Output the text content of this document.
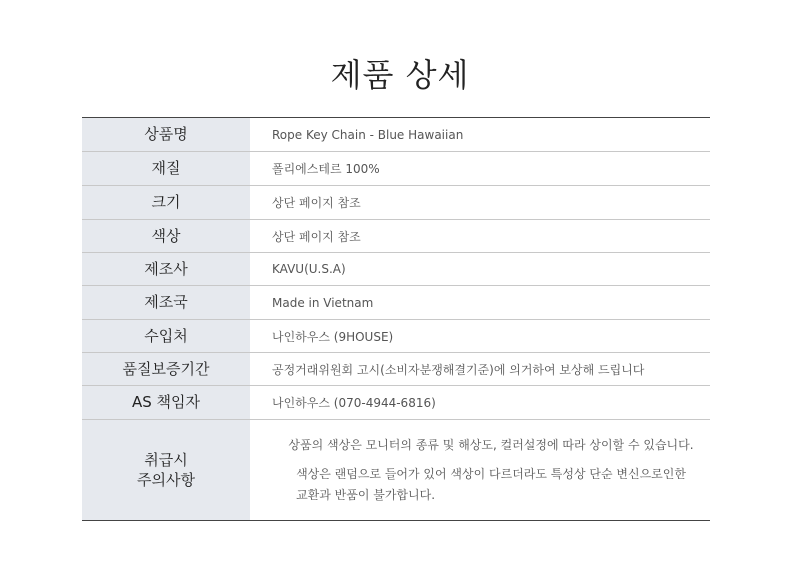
제품 상세
상품명	Rope Key Chain - Blue Hawaiian
재질	폴리에스테르 100%
크기	상단 페이지 참조
색상	상단 페이지 참조
제조사	KAVU(U.S.A)
제조국	Made in Vietnam
수입처	나인하우스 (9HOUSE)
품질보증기간	공정거래위원회 고시(소비자분쟁해결기준)에 의거하여 보상해 드립니다
AS 책임자	나인하우스 (070-4944-6816)
취급시
주의사항

상품의 색상은 모니터의 종류 및 해상도, 컬러설정에 따라 상이할 수 있습니다.

색상은 랜덤으로 들어가 있어 색상이 다르더라도 특성상 단순 변신으로인한
교환과 반품이 불가합니다.
